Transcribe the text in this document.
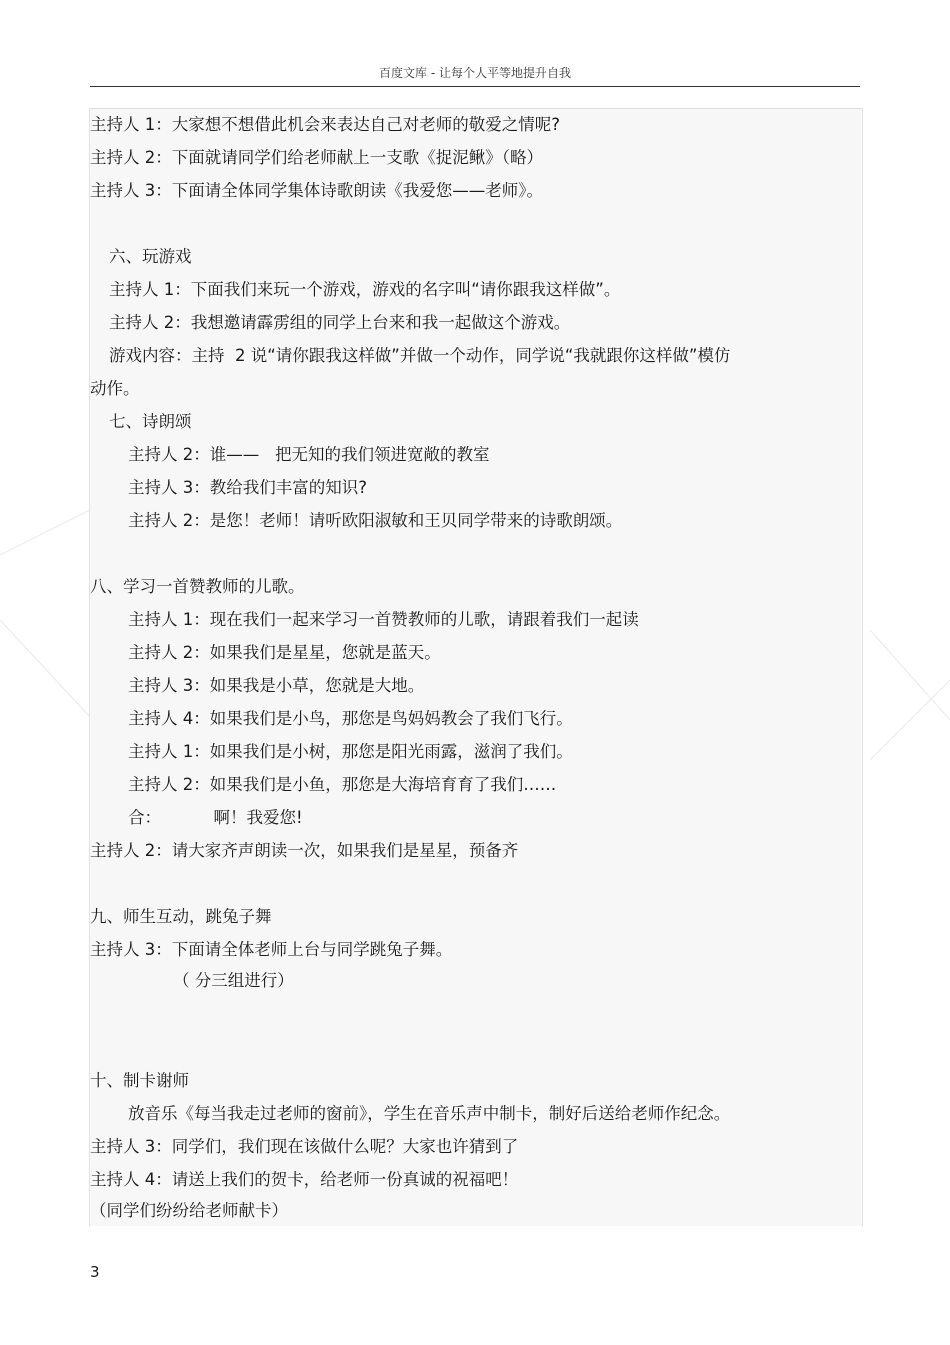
百度文库 - 让每个人平等地提升自我
主持人 1：大家想不想借此机会来表达自己对老师的敬爱之情呢?
主持人 2：下面就请同学们给老师献上一支歌《捉泥鳅》（略）
主持人 3：下面请全体同学集体诗歌朗读《我爱您——老师》。
六、玩游戏
主持人 1：下面我们来玩一个游戏，游戏的名字叫“请你跟我这样做”。
主持人 2：我想邀请霹雳组的同学上台来和我一起做这个游戏。
游戏内容：主持  2 说“请你跟我这样做”并做一个动作，同学说“我就跟你这样做”模仿
动作。
七、诗朗颂
主持人 2：谁——   把无知的我们领进宽敞的教室
主持人 3：教给我们丰富的知识?
主持人 2：是您！老师！请听欧阳淑敏和王贝同学带来的诗歌朗颂。
八、学习一首赞教师的儿歌。
主持人 1：现在我们一起来学习一首赞教师的儿歌，请跟着我们一起读
主持人 2：如果我们是星星，您就是蓝天。
主持人 3：如果我是小草，您就是大地。
主持人 4：如果我们是小鸟，那您是鸟妈妈教会了我们飞行。
主持人 1：如果我们是小树，那您是阳光雨露，滋润了我们。
主持人 2：如果我们是小鱼，那您是大海培育育了我们……
合：          啊！我爱您!
主持人 2：请大家齐声朗读一次，如果我们是星星，预备齐
九、师生互动，跳兔子舞
主持人 3：下面请全体老师上台与同学跳兔子舞。
（ 分三组进行）
十、制卡谢师
放音乐《每当我走过老师的窗前》，学生在音乐声中制卡，制好后送给老师作纪念。
主持人 3：同学们，我们现在该做什么呢？大家也许猜到了
主持人 4：请送上我们的贺卡，给老师一份真诚的祝福吧！
（同学们纷纷给老师献卡）
3
